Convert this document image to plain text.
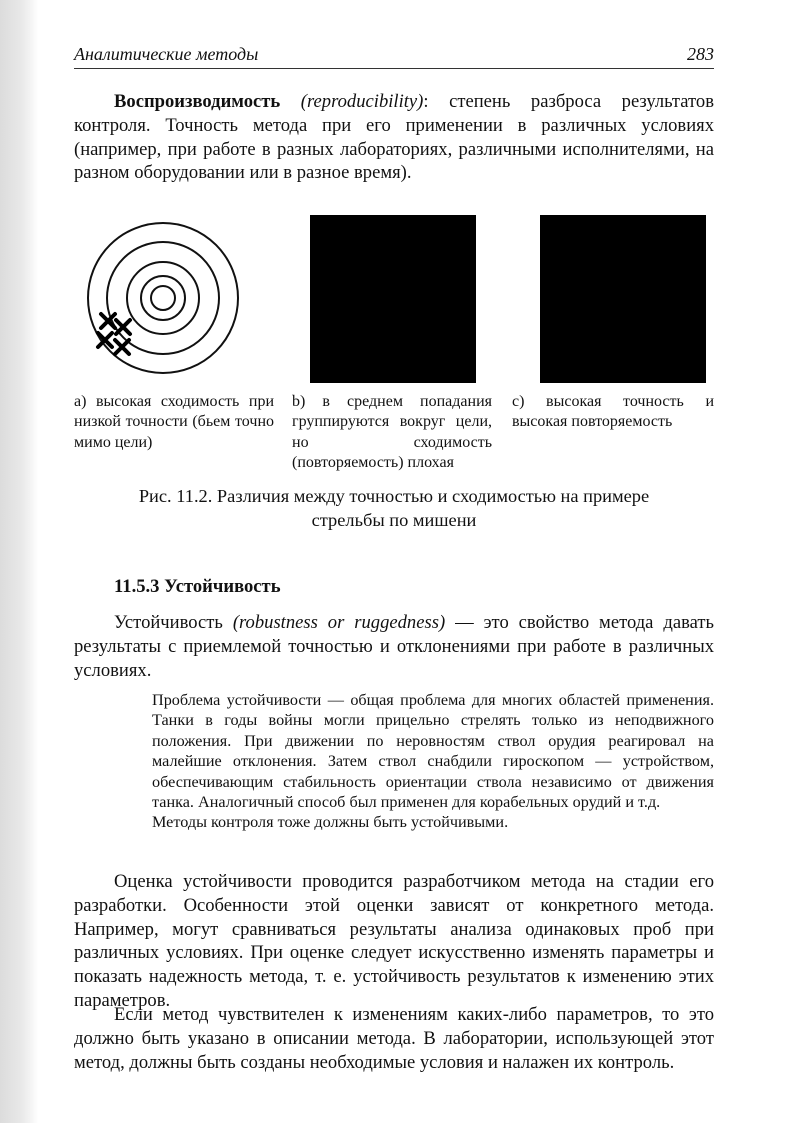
Аналитические методы	283

Воспроизводимость (reproducibility): степень разброса результатов контроля. Точность метода при его применении в различных условиях (например, при работе в разных лабораториях, различными исполнителями, на разном оборудовании или в разное время).

а) высокая сходимость при низкой точности (бьем точно мимо цели)

b) в среднем попадания группируются вокруг цели, но сходимость (повторяемость) плохая

c) высокая точность и высокая повторяемость

Рис. 11.2. Различия между точностью и сходимостью на примере
стрельбы по мишени

11.5.3 Устойчивость

Устойчивость (robustness or ruggedness) — это свойство метода давать результаты с приемлемой точностью и отклонениями при работе в различных условиях.

Проблема устойчивости — общая проблема для многих областей применения. Танки в годы войны могли прицельно стрелять только из неподвижного положения. При движении по неровностям ствол орудия реагировал на малейшие отклонения. Затем ствол снабдили гироскопом — устройством, обеспечивающим стабильность ориентации ствола независимо от движения танка. Аналогичный способ был применен для корабельных орудий и т.д.

Методы контроля тоже должны быть устойчивыми.

Оценка устойчивости проводится разработчиком метода на стадии его разработки. Особенности этой оценки зависят от конкретного метода. Например, могут сравниваться результаты анализа одинаковых проб при различных условиях. При оценке следует искусственно изменять параметры и показать надежность метода, т. е. устойчивость результатов к изменению этих параметров.

Если метод чувствителен к изменениям каких-либо параметров, то это должно быть указано в описании метода. В лаборатории, использующей этот метод, должны быть созданы необходимые условия и налажен их контроль.
